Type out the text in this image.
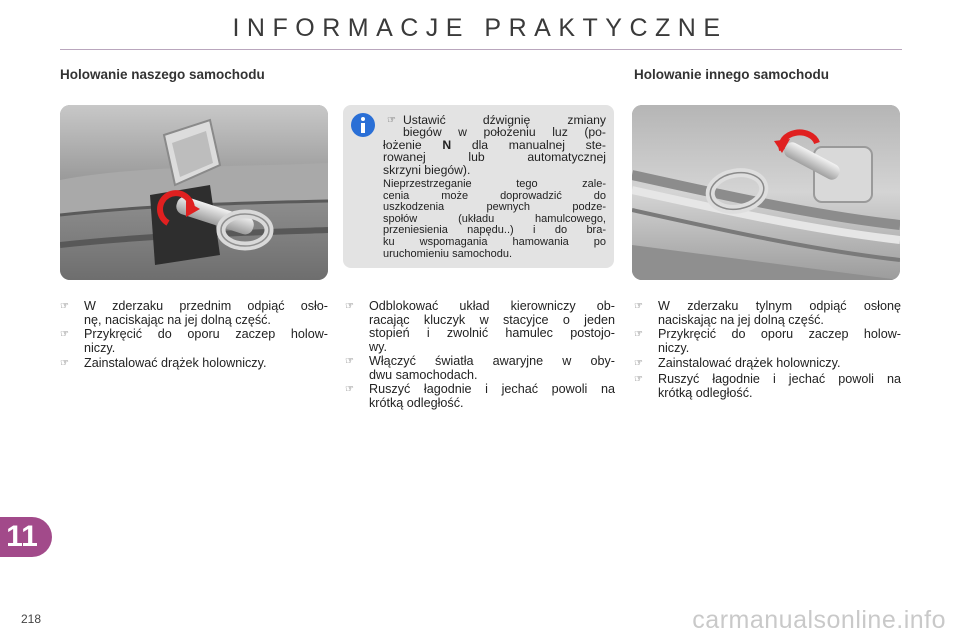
INFORMACJE PRAKTYCZNE
Holowanie naszego samochodu	Holowanie innego samochodu
☞ Ustawić dźwignię zmiany
biegów w położeniu luz (po-
łożenie N dla manualnej ste-
rowanej lub automatycznej
skrzyni biegów).
Nieprzestrzeganie tego zale-
cenia może doprowadzić do
uszkodzenia pewnych podze-
społów (układu hamulcowego,
przeniesienia napędu..) i do bra-
ku wspomagania hamowania po
uruchomieniu samochodu.
☞ W zderzaku przednim odpiąć osło-
nę, naciskając na jej dolną część.
☞ Przykręcić do oporu zaczep holow-
niczy.
☞ Zainstalować drążek holowniczy.
☞ Odblokować układ kierowniczy ob-
racając kluczyk w stacyjce o jeden
stopień i zwolnić hamulec postojo-
wy.
☞ Włączyć światła awaryjne w oby-
dwu samochodach.
☞ Ruszyć łagodnie i jechać powoli na
krótką odległość.
☞ W zderzaku tylnym odpiąć osłonę
naciskając na jej dolną część.
☞ Przykręcić do oporu zaczep holow-
niczy.
☞ Zainstalować drążek holowniczy.
☞ Ruszyć łagodnie i jechać powoli na
krótką odległość.
11
218	carmanualsonline.info
